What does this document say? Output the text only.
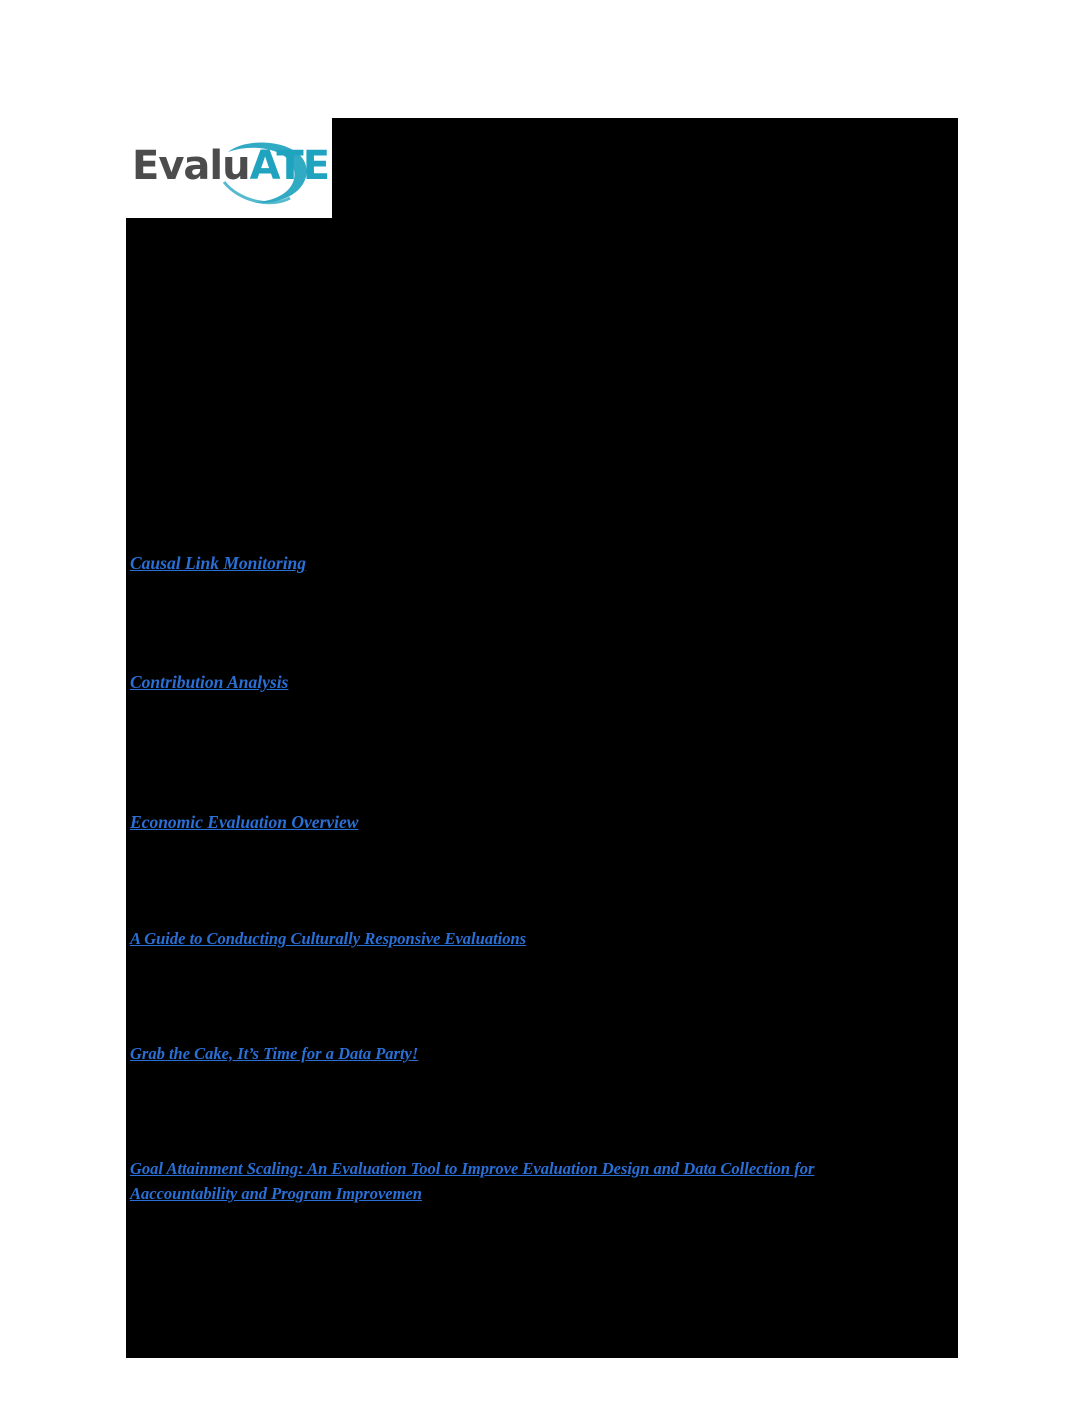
EvaluATE
Causal Link Monitoring
Contribution Analysis
Economic Evaluation Overview
A Guide to Conducting Culturally Responsive Evaluations
Grab the Cake, It’s Time for a Data Party!
Goal Attainment Scaling: An Evaluation Tool to Improve Evaluation Design and Data Collection for Aaccountability and Program Improvemen
